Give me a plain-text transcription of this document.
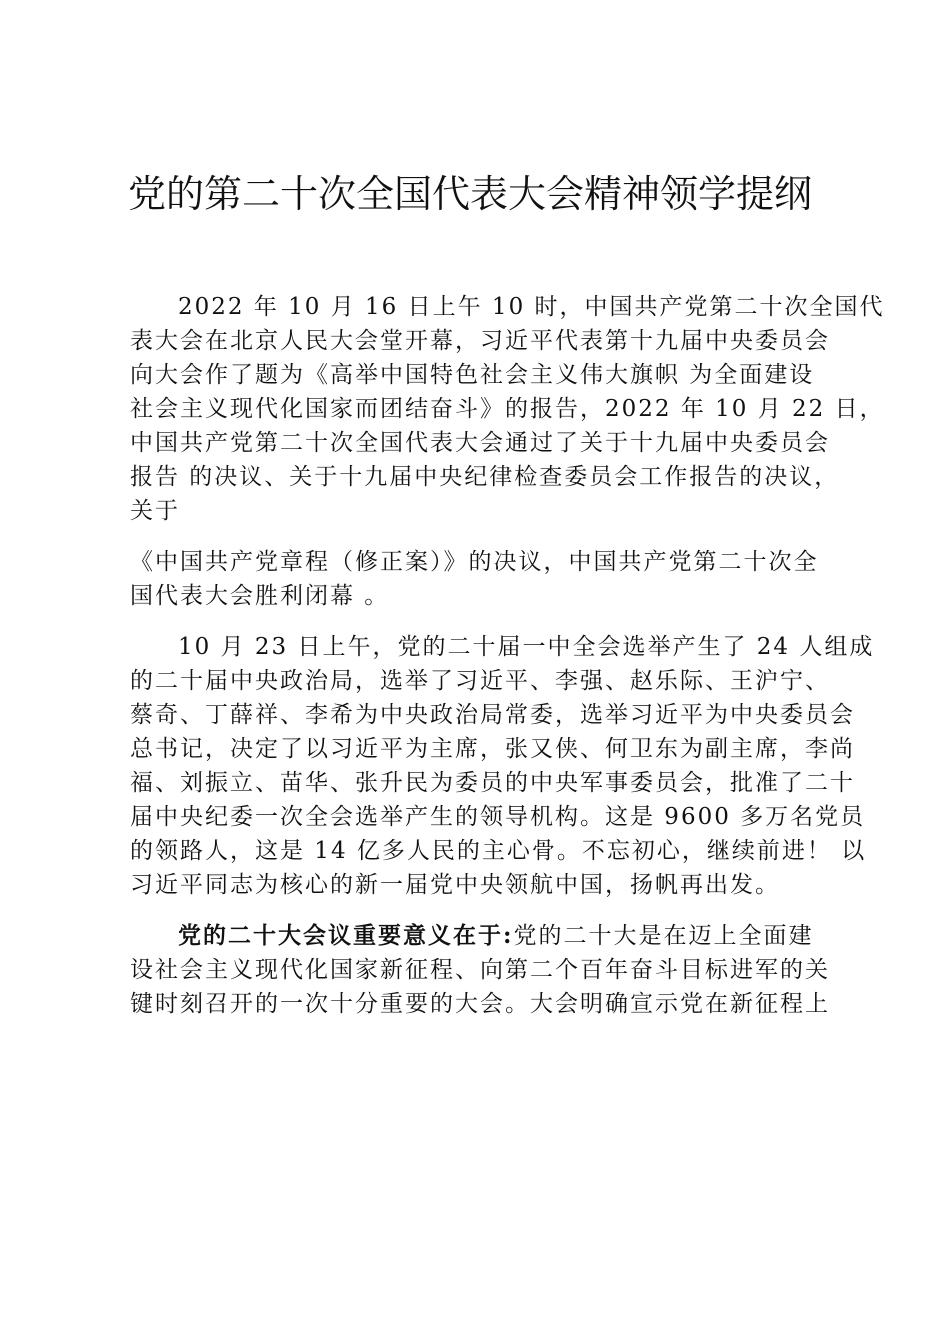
党的第二十次全国代表大会精神领学提纲
2022 年 10 月 16 日上午 10 时，中国共产党第二十次全国代
表大会在北京人民大会堂开幕，习近平代表第十九届中央委员会
向大会作了题为《高举中国特色社会主义伟大旗帜 为全面建设
社会主义现代化国家而团结奋斗》的报告，2022 年 10 月 22 日，
中国共产党第二十次全国代表大会通过了关于十九届中央委员会
报告 的决议、关于十九届中央纪律检查委员会工作报告的决议，
关于
《中国共产党章程（修正案）》的决议，中国共产党第二十次全
国代表大会胜利闭幕 。
10 月 23 日上午，党的二十届一中全会选举产生了 24 人组成
的二十届中央政治局，选举了习近平、李强、赵乐际、王沪宁、
蔡奇、丁薛祥、李希为中央政治局常委，选举习近平为中央委员会
总书记，决定了以习近平为主席，张又侠、何卫东为副主席，李尚
福、刘振立、苗华、张升民为委员的中央军事委员会，批准了二十
届中央纪委一次全会选举产生的领导机构。这是 9600 多万名党员
的领路人，这是 14 亿多人民的主心骨。不忘初心，继续前进！ 以
习近平同志为核心的新一届党中央领航中国，扬帆再出发。
党的二十大会议重要意义在于:党的二十大是在迈上全面建
设社会主义现代化国家新征程、向第二个百年奋斗目标进军的关
键时刻召开的一次十分重要的大会。大会明确宣示党在新征程上
